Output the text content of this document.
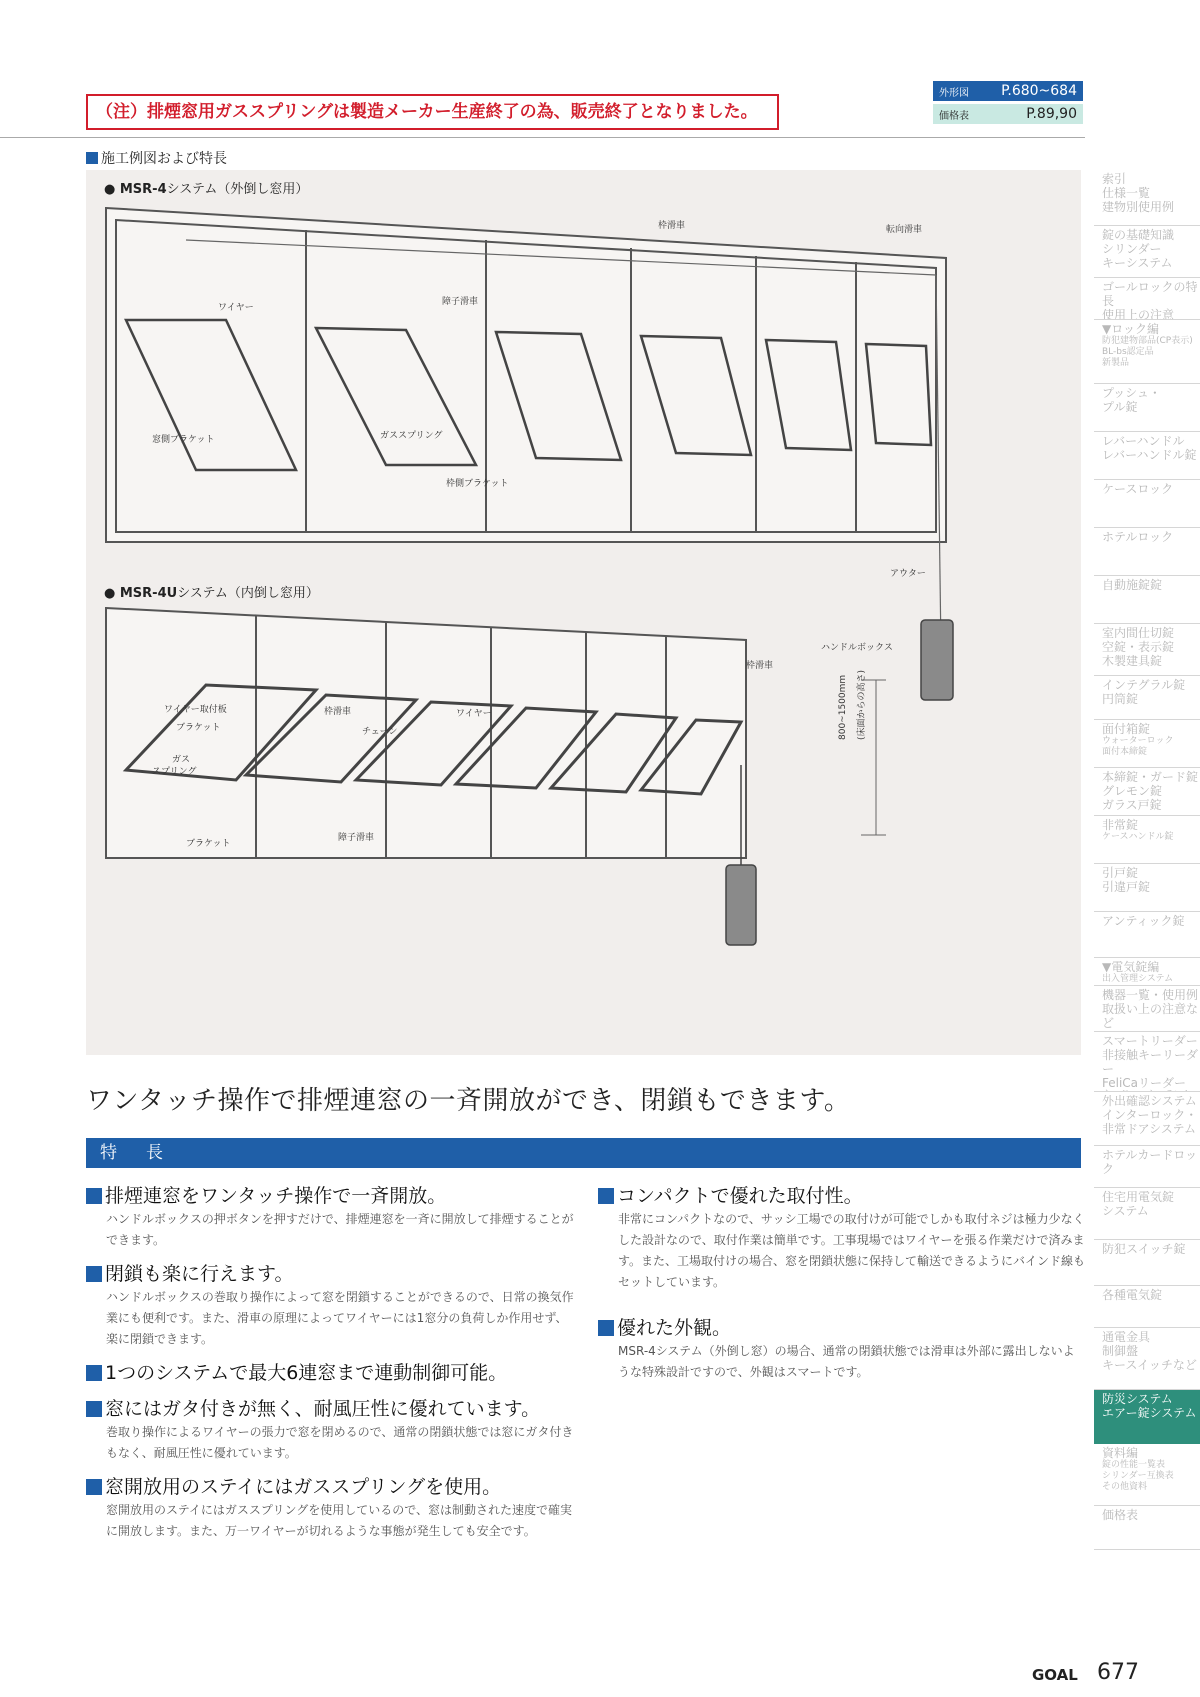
（注）排煙窓用ガススプリングは製造メーカー生産終了の為、販売終了となりました。
外形図 P.680~684
価格表	P.89,90
施工例図および特長
● MSR-4システム（外倒し窓用）
● MSR-4Uシステム（内倒し窓用）
ワイヤー
障子滑車
窓側ブラケット	ガススプリング
枠側ブラケット
枠滑車	転向滑車
アウター
ハンドルボックス
枠滑車
ワイヤー取付板
ブラケット
ガス
スプリング
枠滑車
チェーン
ワイヤー
ブラケット
障子滑車
800~1500mm	(床面からの高さ)
ワンタッチ操作で排煙連窓の一斉開放ができ、閉鎖もできます。
特　長
排煙連窓をワンタッチ操作で一斉開放。
ハンドルボックスの押ボタンを押すだけで、排煙連窓を一斉に開放して排煙することができます。
閉鎖も楽に行えます。
ハンドルボックスの巻取り操作によって窓を閉鎖することができるので、日常の換気作業にも便利です。また、滑車の原理によってワイヤーには1窓分の負荷しか作用せず、楽に閉鎖できます。
1つのシステムで最大6連窓まで連動制御可能。
窓にはガタ付きが無く、耐風圧性に優れています。
巻取り操作によるワイヤーの張力で窓を閉めるので、通常の閉鎖状態では窓にガタ付きもなく、耐風圧性に優れています。
窓開放用のステイにはガススプリングを使用。
窓開放用のステイにはガススプリングを使用しているので、窓は制動された速度で確実に開放します。また、万一ワイヤーが切れるような事態が発生しても安全です。
コンパクトで優れた取付性。
非常にコンパクトなので、サッシ工場での取付けが可能でしかも取付ネジは極力少なくした設計なので、取付作業は簡単です。工事現場ではワイヤーを張る作業だけで済みます。また、工場取付けの場合、窓を閉鎖状態に保持して輸送できるようにバインド線もセットしています。
優れた外観。
MSR-4システム（外倒し窓）の場合、通常の閉鎖状態では滑車は外部に露出しないような特殊設計ですので、外観はスマートです。
索引
仕様一覧
建物別使用例
錠の基礎知識
シリンダー
キーシステム
ゴールロックの特長
使用上の注意
▼ロック編
防犯建物部品(CP表示)
BL-bs認定品
新製品
プッシュ・
プル錠
レバーハンドル
レバーハンドル錠
ケースロック
ホテルロック
自動施錠錠
室内間仕切錠
空錠・表示錠
木製建具錠
インテグラル錠
円筒錠
面付箱錠
ウォーターロック
面付本締錠
本締錠・ガード錠
グレモン錠
ガラス戸錠
非常錠
ケースハンドル錠
引戸錠
引違戸錠
アンティック錠
▼電気錠編
出入管理システム
機器一覧・使用例
取扱い上の注意など
スマートリーダー
非接触キーリーダー
FeliCaリーダー
外出確認システム
インターロック・
非常ドアシステム
ホテルカードロック
住宅用電気錠
システム
防犯スイッチ錠
各種電気錠
通電金具
制御盤
キースイッチなど
防災システム
エアー錠システム
資料編
錠の性能一覧表
シリンダー互換表
その他資料
価格表
GOAL 677
